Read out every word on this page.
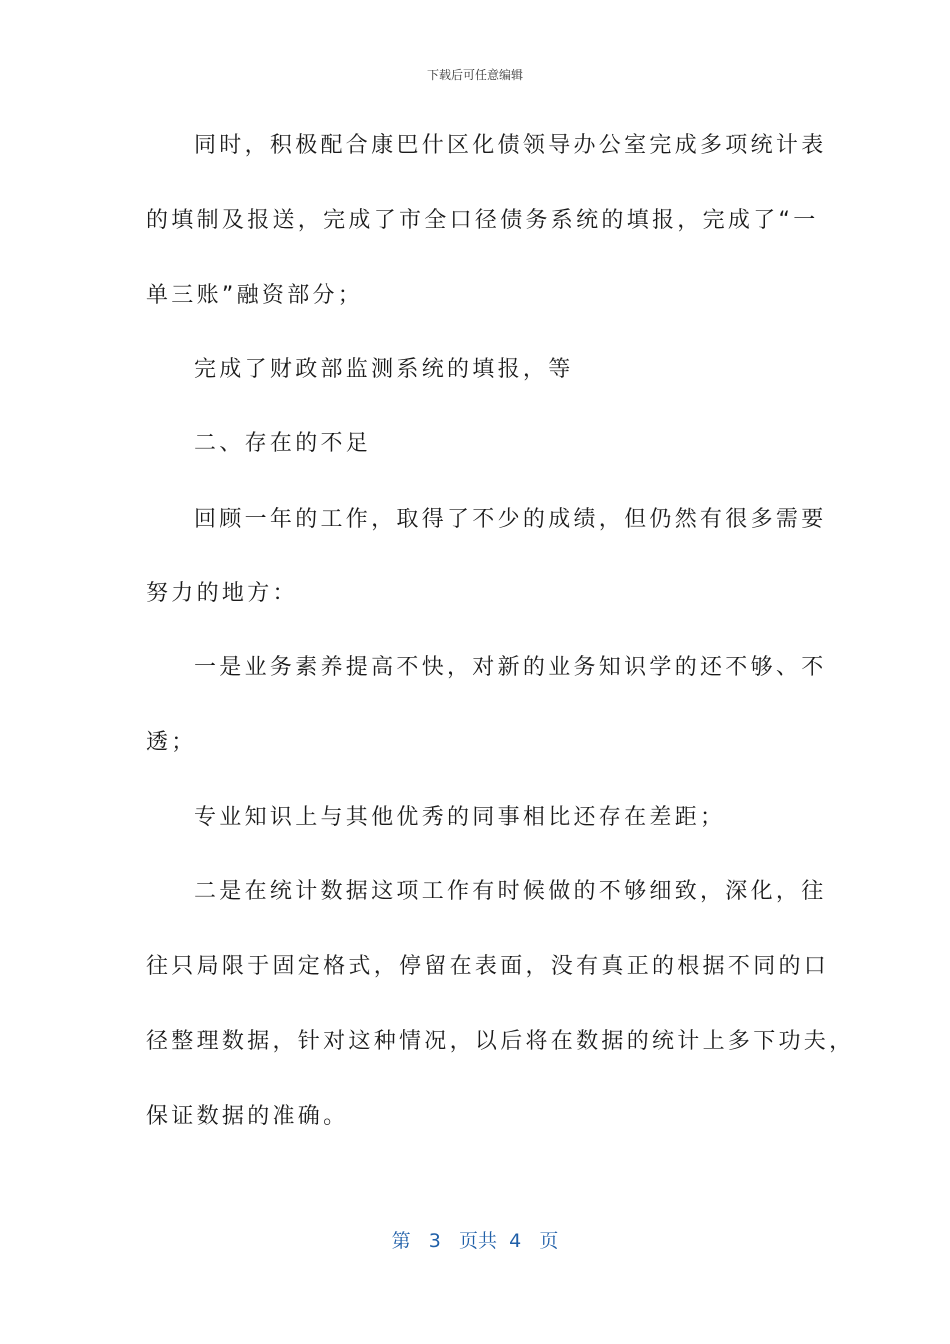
下载后可任意编辑
同时，积极配合康巴什区化债领导办公室完成多项统计表
的填制及报送，完成了市全口径债务系统的填报，完成了“一
单三账”融资部分；
完成了财政部监测系统的填报，等
二、存在的不足
回顾一年的工作，取得了不少的成绩，但仍然有很多需要
努力的地方：
一是业务素养提高不快，对新的业务知识学的还不够、不
透；
专业知识上与其他优秀的同事相比还存在差距；
二是在统计数据这项工作有时候做的不够细致，深化，往
往只局限于固定格式，停留在表面，没有真正的根据不同的口
径整理数据，针对这种情况，以后将在数据的统计上多下功夫，
保证数据的准确。
第 3 页共 4 页
